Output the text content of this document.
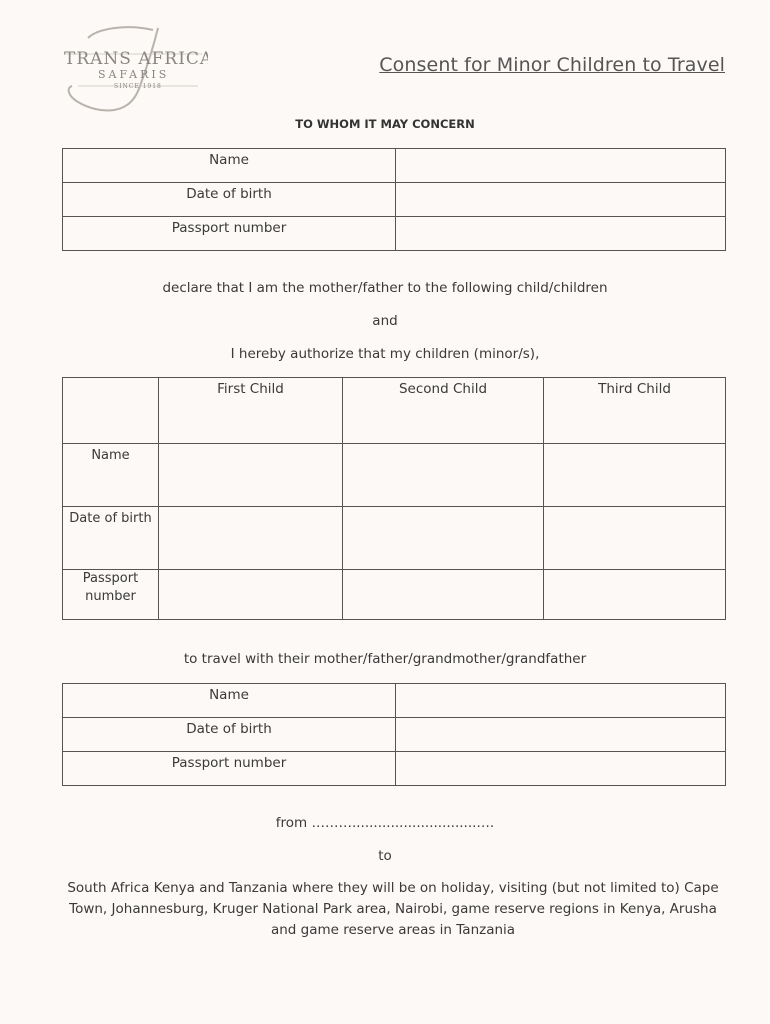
TRANS AFRICA
SAFARIS
SINCE 1918
Consent for Minor Children to Travel
TO WHOM IT MAY CONCERN
Name	
Date of birth	
Passport number	
declare that I am the mother/father to the following child/children
and
I hereby authorize that my children (minor/s),
	First Child	Second Child	Third Child
Name			
Date of birth			
Passport number			
to travel with their mother/father/grandmother/grandfather
Name	
Date of birth	
Passport number	
from ……….............................….
to
South Africa Kenya and Tanzania where they will be on holiday, visiting (but not limited to) Cape Town, Johannesburg, Kruger National Park area, Nairobi, game reserve regions in Kenya, Arusha and game reserve areas in Tanzania
